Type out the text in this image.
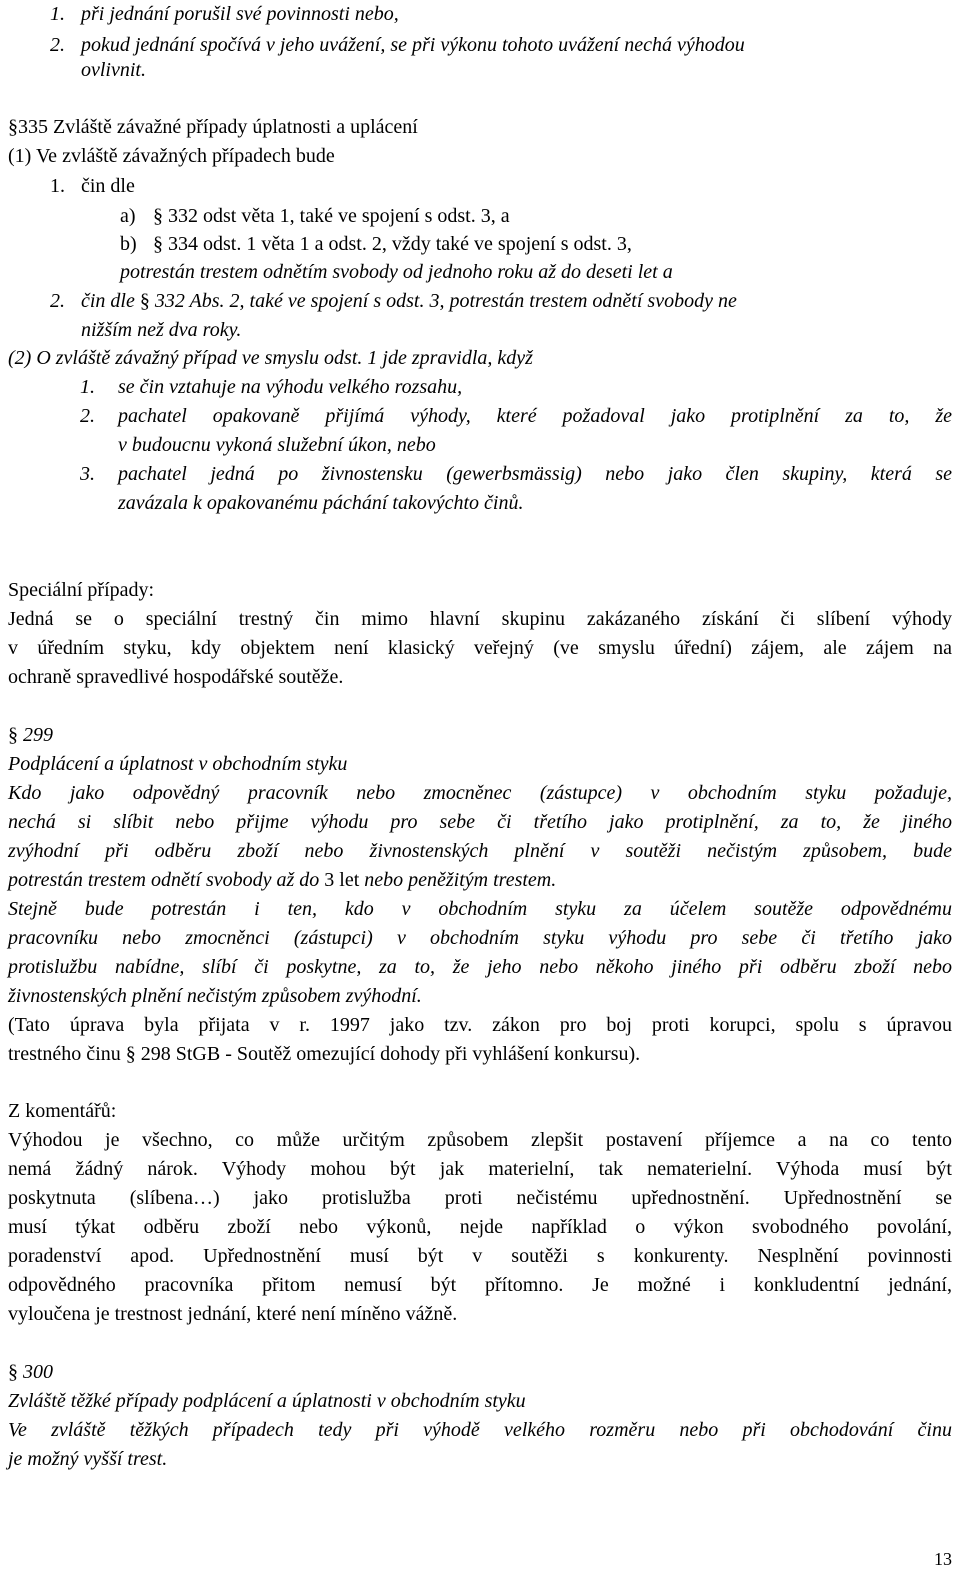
1. při jednání porušil své povinnosti nebo,
2. pokud jednání spočívá v jeho uvážení, se při výkonu tohoto uvážení nechá výhodou
ovlivnit.
§335 Zvláště závažné případy úplatnosti a uplácení
(1) Ve zvláště závažných případech bude
1. čin dle
a) § 332 odst věta 1, také ve spojení s odst. 3, a
b) § 334 odst. 1 věta 1 a odst. 2, vždy také ve spojení s odst. 3,
potrestán trestem odnětím svobody od jednoho roku až do deseti let a
2. čin dle § 332 Abs. 2, také ve spojení s odst. 3, potrestán trestem odnětí svobody ne
nižším než dva roky.
(2) O zvláště závažný případ ve smyslu odst. 1 jde zpravidla, když
1. se čin vztahuje na výhodu velkého rozsahu,
2. pachatel opakovaně přijímá výhody, které požadoval jako protiplnění za to, že
v budoucnu vykoná služební úkon, nebo
3. pachatel jedná po živnostensku (gewerbsmässig) nebo jako člen skupiny, která se
zavázala k opakovanému páchání takovýchto činů.
Speciální případy:
Jedná se o speciální trestný čin mimo hlavní skupinu zakázaného získání či slíbení výhody
v úředním styku, kdy objektem není klasický veřejný (ve smyslu úřední) zájem, ale zájem na
ochraně spravedlivé hospodářské soutěže.
§ 299
Podplácení a úplatnost v obchodním styku
Kdo jako odpovědný pracovník nebo zmocněnec (zástupce) v obchodním styku požaduje,
nechá si slíbit nebo přijme výhodu pro sebe či třetího jako protiplnění, za to, že jiného
zvýhodní při odběru zboží nebo živnostenských plnění v soutěži nečistým způsobem, bude
potrestán trestem odnětí svobody až do 3 let nebo peněžitým trestem.
Stejně bude potrestán i ten, kdo v obchodním styku za účelem soutěže odpovědnému
pracovníku nebo zmocněnci (zástupci) v obchodním styku výhodu pro sebe či třetího jako
protislužbu nabídne, slíbí či poskytne, za to, že jeho nebo někoho jiného při odběru zboží nebo
živnostenských plnění nečistým způsobem zvýhodní.
(Tato úprava byla přijata v r. 1997 jako tzv. zákon pro boj proti korupci, spolu s úpravou
trestného činu § 298 StGB - Soutěž omezující dohody při vyhlášení konkursu).
Z komentářů:
Výhodou je všechno, co může určitým způsobem zlepšit postavení příjemce a na co tento
nemá žádný nárok. Výhody mohou být jak materielní, tak nematerielní. Výhoda musí být
poskytnuta (slíbena…) jako protislužba proti nečistému upřednostnění. Upřednostnění se
musí týkat odběru zboží nebo výkonů, nejde například o výkon svobodného povolání,
poradenství apod. Upřednostnění musí být v soutěži s konkurenty. Nesplnění povinnosti
odpovědného pracovníka přitom nemusí být přítomno. Je možné i konkludentní jednání,
vyloučena je trestnost jednání, které není míněno vážně.
§ 300
Zvláště těžké případy podplácení a úplatnosti v obchodním styku
Ve zvláště těžkých případech tedy při výhodě velkého rozměru nebo při obchodování činu
je možný vyšší trest.
13
